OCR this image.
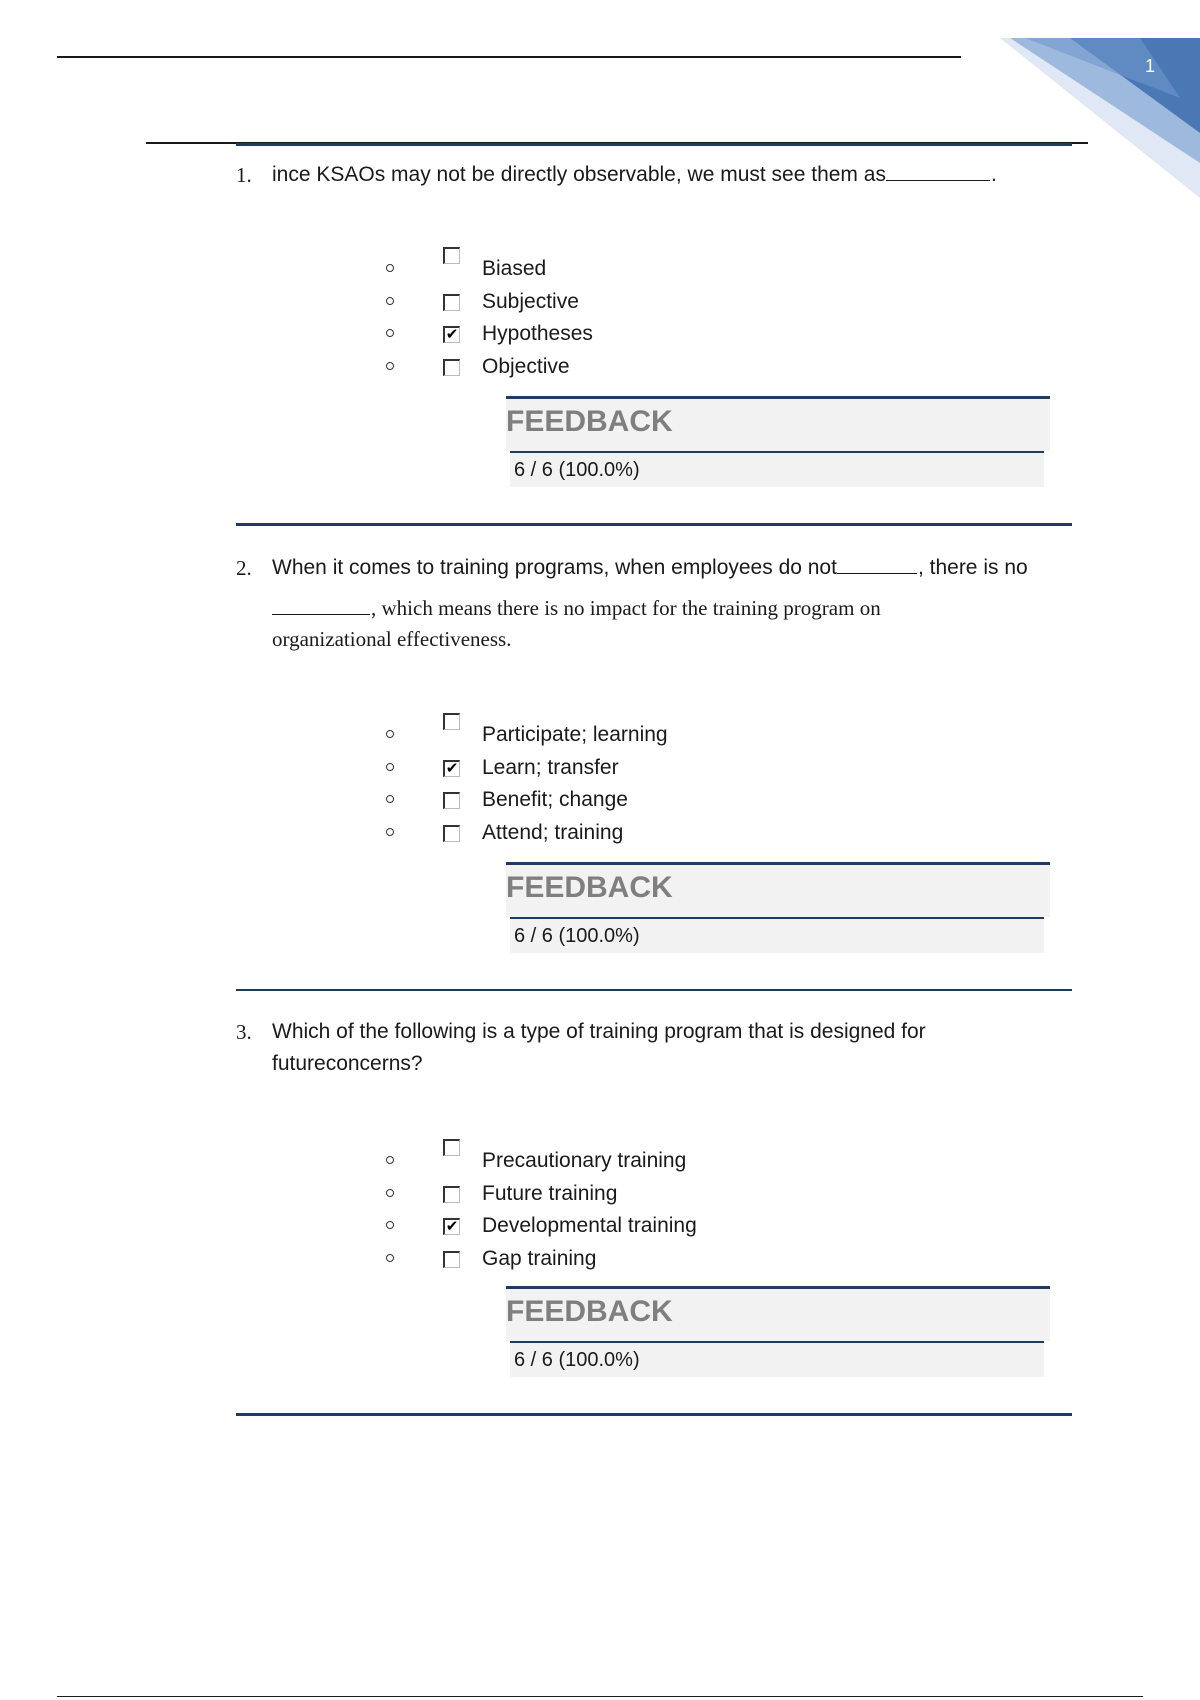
1
1. ince KSAOs may not be directly observable, we must see them as	.
Biased
Subjective
✔ Hypotheses
Objective
FEEDBACK
6 / 6 (100.0%)
2. When it comes to training programs, when employees do not	, there is no
, which means there is no impact for the training program on
organizational effectiveness.
Participate; learning
✔ Learn; transfer
Benefit; change
Attend; training
FEEDBACK
6 / 6 (100.0%)
3. Which of the following is a type of training program that is designed for
futureconcerns?
Precautionary training
Future training
✔ Developmental training
Gap training
FEEDBACK
6 / 6 (100.0%)
